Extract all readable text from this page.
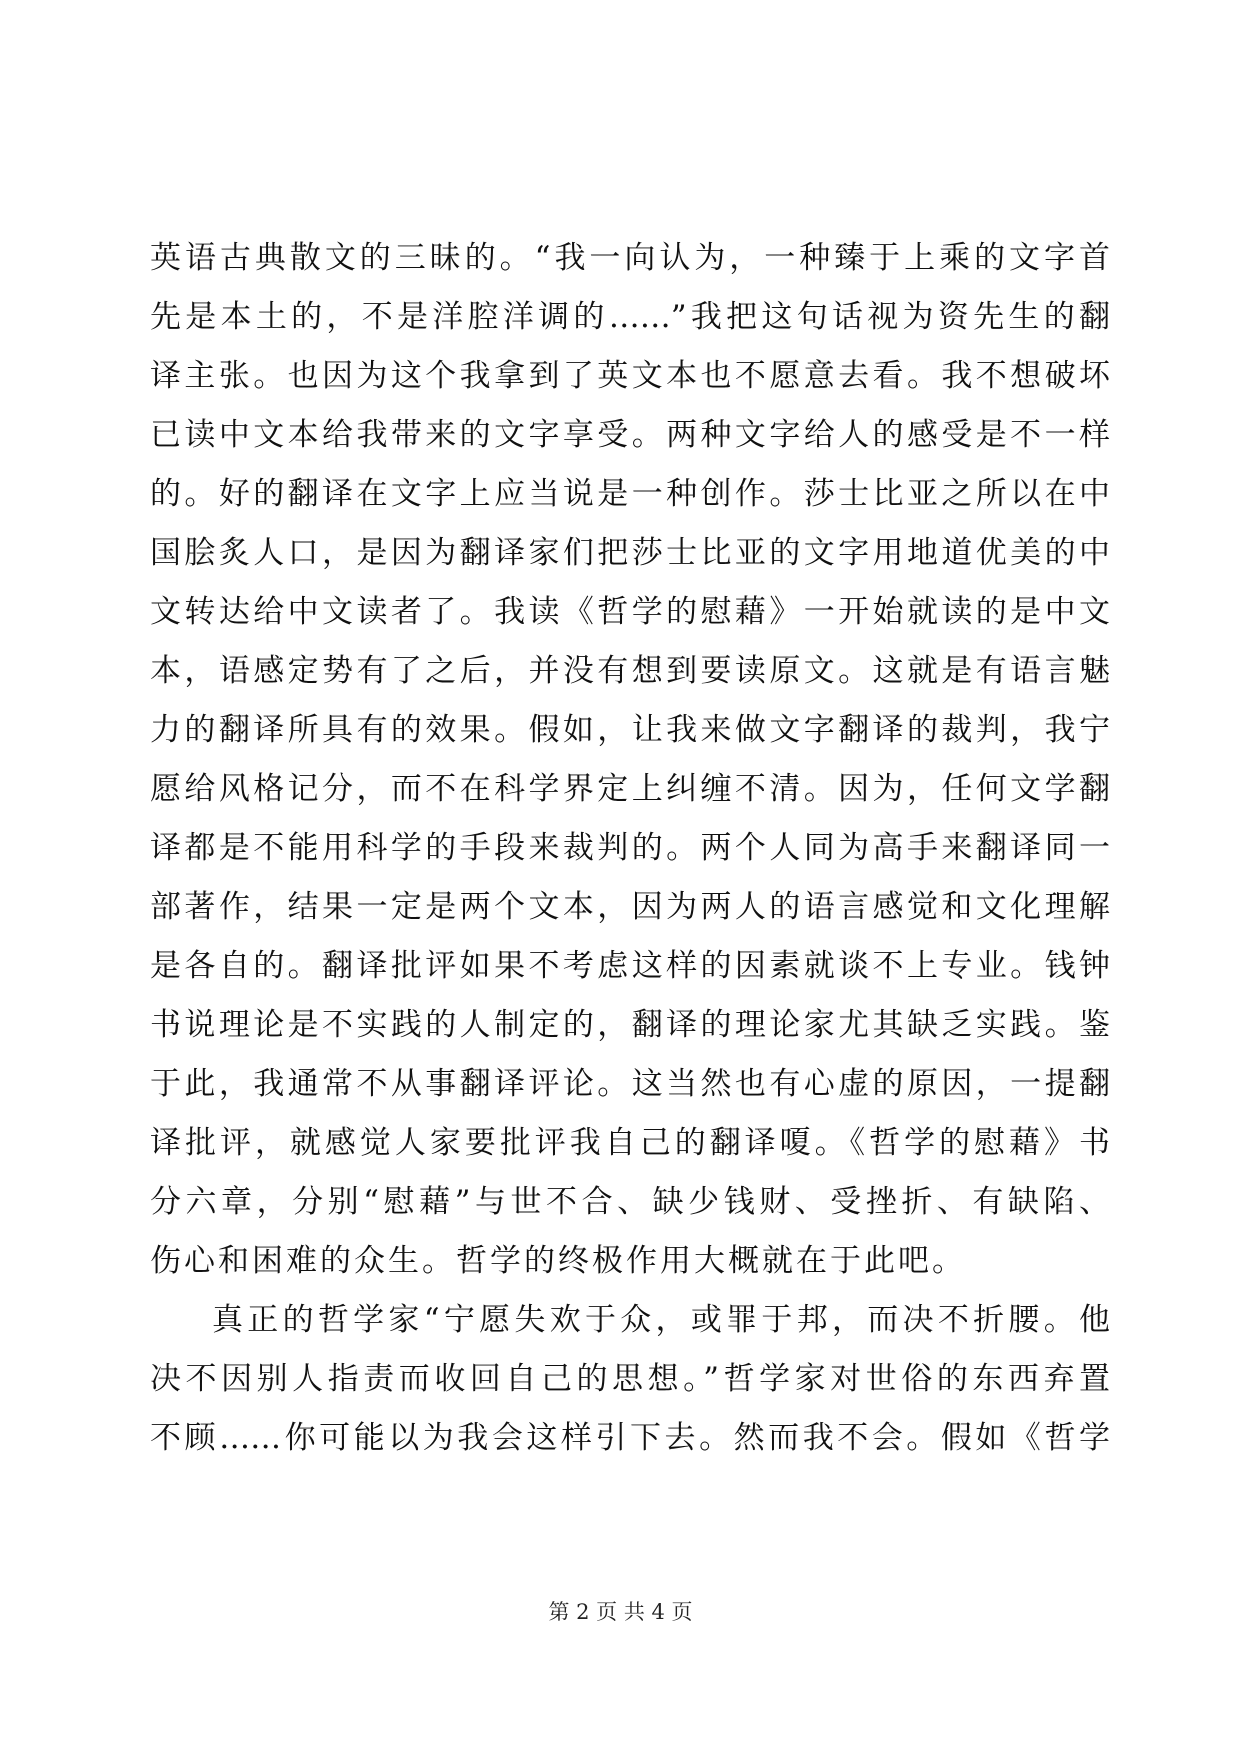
英语古典散文的三昧的。“我一向认为，一种臻于上乘的文字首
先是本土的，不是洋腔洋调的……”我把这句话视为资先生的翻
译主张。也因为这个我拿到了英文本也不愿意去看。我不想破坏
已读中文本给我带来的文字享受。两种文字给人的感受是不一样
的。好的翻译在文字上应当说是一种创作。莎士比亚之所以在中
国脍炙人口，是因为翻译家们把莎士比亚的文字用地道优美的中
文转达给中文读者了。我读《哲学的慰藉》一开始就读的是中文
本，语感定势有了之后，并没有想到要读原文。这就是有语言魅
力的翻译所具有的效果。假如，让我来做文字翻译的裁判，我宁
愿给风格记分，而不在科学界定上纠缠不清。因为，任何文学翻
译都是不能用科学的手段来裁判的。两个人同为高手来翻译同一
部著作，结果一定是两个文本，因为两人的语言感觉和文化理解
是各自的。翻译批评如果不考虑这样的因素就谈不上专业。钱钟
书说理论是不实践的人制定的，翻译的理论家尤其缺乏实践。鉴
于此，我通常不从事翻译评论。这当然也有心虚的原因，一提翻
译批评，就感觉人家要批评我自己的翻译嗄。《哲学的慰藉》书
分六章，分别“慰藉”与世不合、缺少钱财、受挫折、有缺陷、
伤心和困难的众生。哲学的终极作用大概就在于此吧。
真正的哲学家“宁愿失欢于众，或罪于邦，而决不折腰。他
决不因别人指责而收回自己的思想。”哲学家对世俗的东西弃置
不顾……你可能以为我会这样引下去。然而我不会。假如《哲学
第 2 页 共 4 页
